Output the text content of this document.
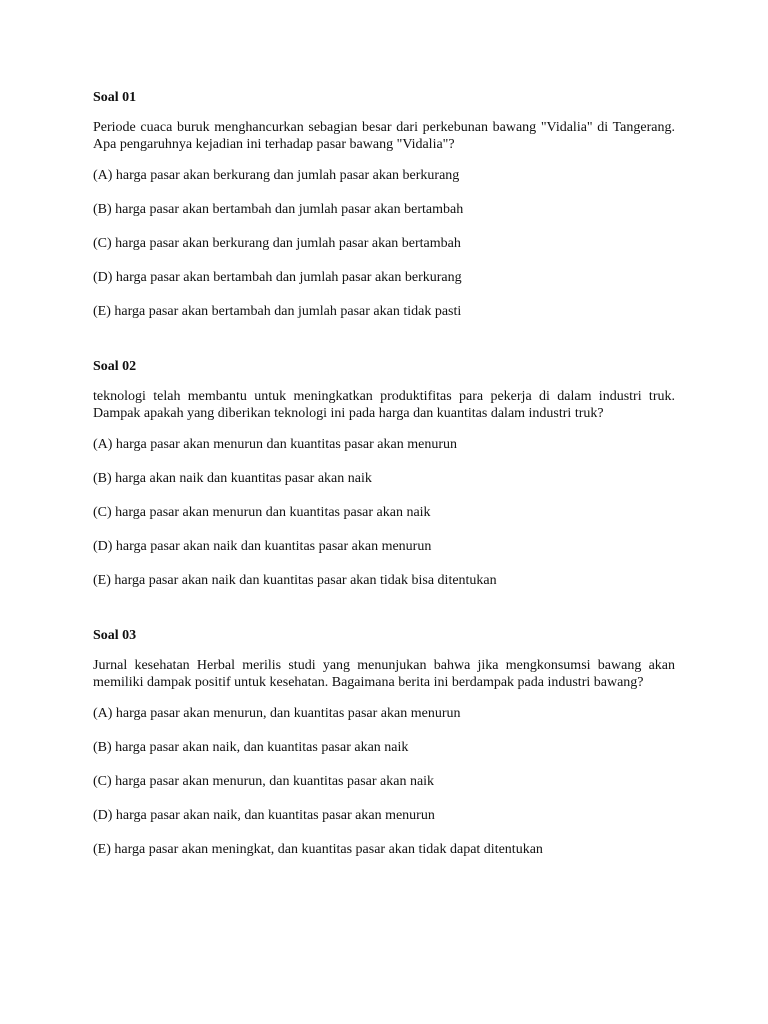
Soal 01

Periode cuaca buruk menghancurkan sebagian besar dari perkebunan bawang "Vidalia" di Tangerang. Apa pengaruhnya kejadian ini terhadap pasar bawang "Vidalia"?

(A) harga pasar akan berkurang dan jumlah pasar akan berkurang

(B) harga pasar akan bertambah dan jumlah pasar akan bertambah

(C) harga pasar akan berkurang dan jumlah pasar akan bertambah

(D) harga pasar akan bertambah dan jumlah pasar akan berkurang

(E) harga pasar akan bertambah dan jumlah pasar akan tidak pasti

Soal 02

teknologi telah membantu untuk meningkatkan produktifitas para pekerja di dalam industri truk. Dampak apakah yang diberikan teknologi ini pada harga dan kuantitas dalam industri truk?

(A) harga pasar akan menurun dan kuantitas pasar akan menurun

(B) harga akan naik dan kuantitas pasar akan naik

(C) harga pasar akan menurun dan kuantitas pasar akan naik

(D) harga pasar akan naik dan kuantitas pasar akan menurun

(E) harga pasar akan naik dan kuantitas pasar akan tidak bisa ditentukan

Soal 03

Jurnal kesehatan Herbal merilis studi yang menunjukan bahwa jika mengkonsumsi bawang akan memiliki dampak positif untuk kesehatan. Bagaimana berita ini berdampak pada industri bawang?

(A) harga pasar akan menurun, dan kuantitas pasar akan menurun

(B) harga pasar akan naik, dan kuantitas pasar akan naik

(C) harga pasar akan menurun, dan kuantitas pasar akan naik

(D) harga pasar akan naik, dan kuantitas pasar akan menurun

(E) harga pasar akan meningkat, dan kuantitas pasar akan tidak dapat ditentukan
